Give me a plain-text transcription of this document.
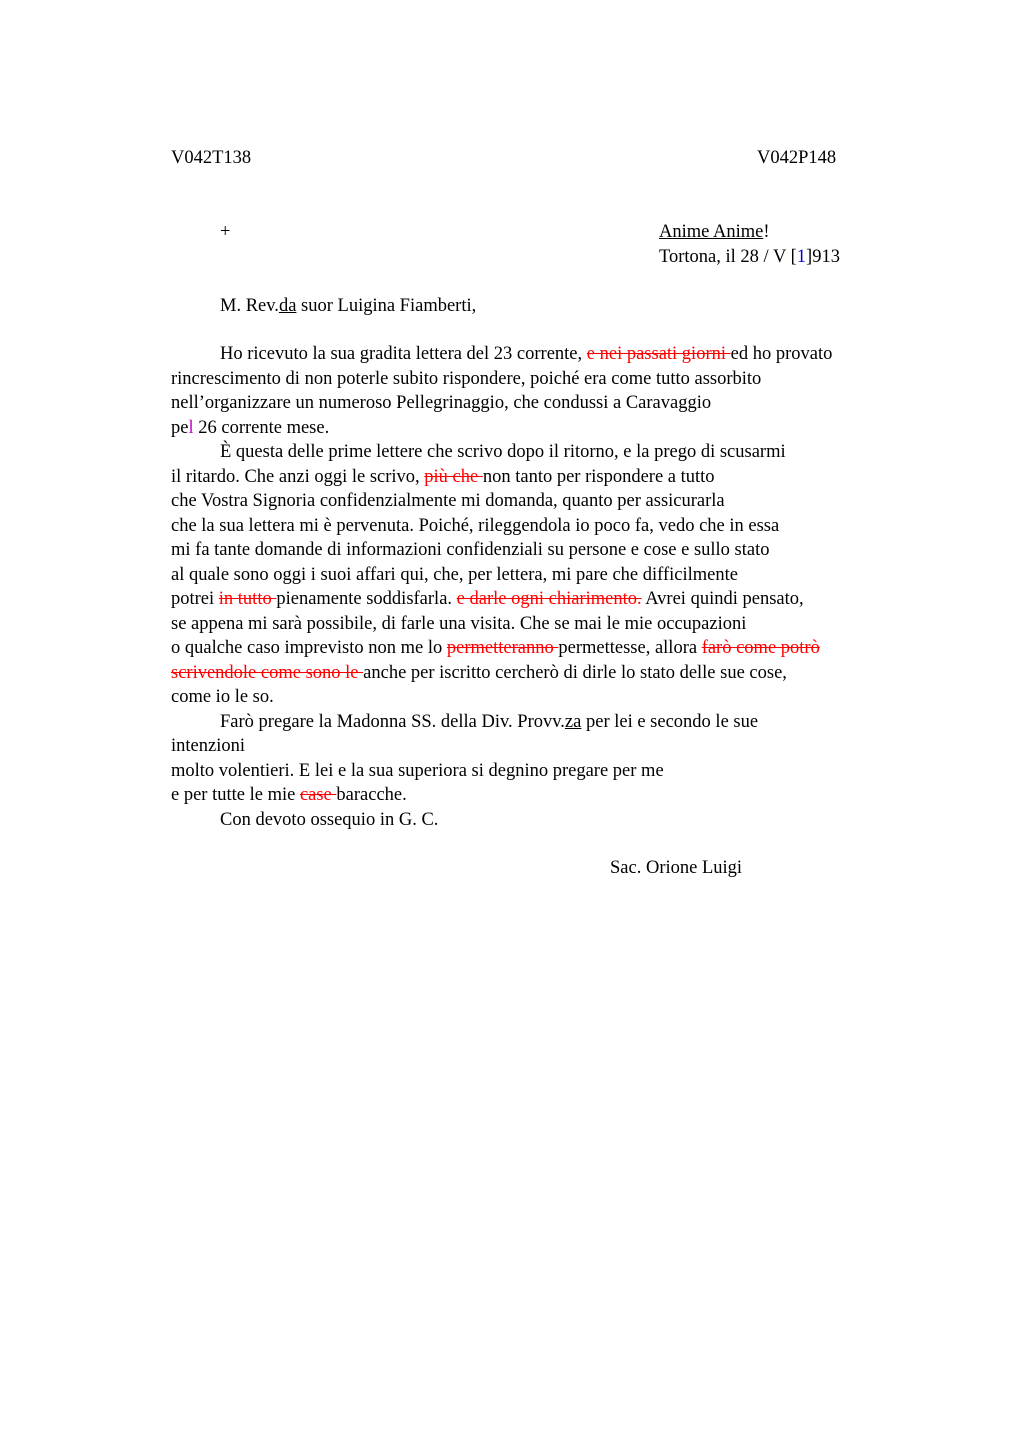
V042T138	V042P148
+	Anime Anime!
Tortona, il 28 / V [1]913
M. Rev.da suor Luigina Fiamberti,
Ho ricevuto la sua gradita lettera del 23 corrente, e nei passati giorni ed ho provato
rincrescimento di non poterle subito rispondere, poiché era come tutto assorbito
nell’organizzare un numeroso Pellegrinaggio, che condussi a Caravaggio
pel 26 corrente mese.
È questa delle prime lettere che scrivo dopo il ritorno, e la prego di scusarmi
il ritardo. Che anzi oggi le scrivo, più che non tanto per rispondere a tutto
che Vostra Signoria confidenzialmente mi domanda, quanto per assicurarla
che la sua lettera mi è pervenuta. Poiché, rileggendola io poco fa, vedo che in essa
mi fa tante domande di informazioni confidenziali su persone e cose e sullo stato
al quale sono oggi i suoi affari qui, che, per lettera, mi pare che difficilmente
potrei in tutto pienamente soddisfarla. e darle ogni chiarimento. Avrei quindi pensato,
se appena mi sarà possibile, di farle una visita. Che se mai le mie occupazioni
o qualche caso imprevisto non me lo permetteranno permettesse, allora farò come potrò
scrivendole come sono le anche per iscritto cercherò di dirle lo stato delle sue cose,
come io le so.
Farò pregare la Madonna SS. della Div. Provv.za per lei e secondo le sue
intenzioni
molto volentieri. E lei e la sua superiora si degnino pregare per me
e per tutte le mie case baracche.
Con devoto ossequio in G. C.
Sac. Orione Luigi
